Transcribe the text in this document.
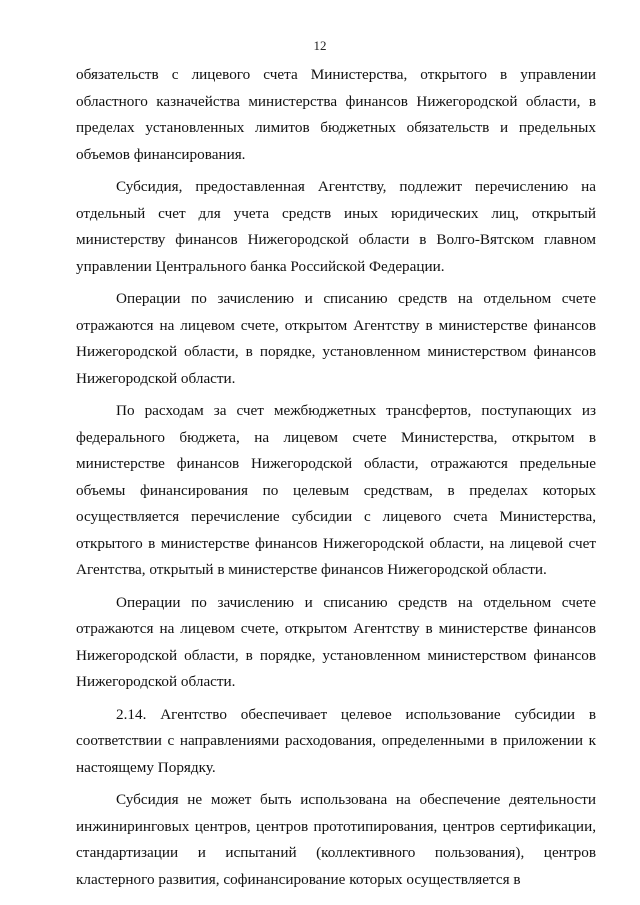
12

обязательств с лицевого счета Министерства, открытого в управлении областного казначейства министерства финансов Нижегородской области, в пределах установленных лимитов бюджетных обязательств и предельных объемов финансирования.

Субсидия, предоставленная Агентству, подлежит перечислению на отдельный счет для учета средств иных юридических лиц, открытый министерству финансов Нижегородской области в Волго-Вятском главном управлении Центрального банка Российской Федерации.

Операции по зачислению и списанию средств на отдельном счете отражаются на лицевом счете, открытом Агентству в министерстве финансов Нижегородской области, в порядке, установленном министерством финансов Нижегородской области.

По расходам за счет межбюджетных трансфертов, поступающих из федерального бюджета, на лицевом счете Министерства, открытом в министерстве финансов Нижегородской области, отражаются предельные объемы финансирования по целевым средствам, в пределах которых осуществляется перечисление субсидии с лицевого счета Министерства, открытого в министерстве финансов Нижегородской области, на лицевой счет Агентства, открытый в министерстве финансов Нижегородской области.

Операции по зачислению и списанию средств на отдельном счете отражаются на лицевом счете, открытом Агентству в министерстве финансов Нижегородской области, в порядке, установленном министерством финансов Нижегородской области.

2.14. Агентство обеспечивает целевое использование субсидии в соответствии с направлениями расходования, определенными в приложении к настоящему Порядку.

Субсидия не может быть использована на обеспечение деятельности инжиниринговых центров, центров прототипирования, центров сертификации, стандартизации и испытаний (коллективного пользования), центров кластерного развития, софинансирование которых осуществляется в
